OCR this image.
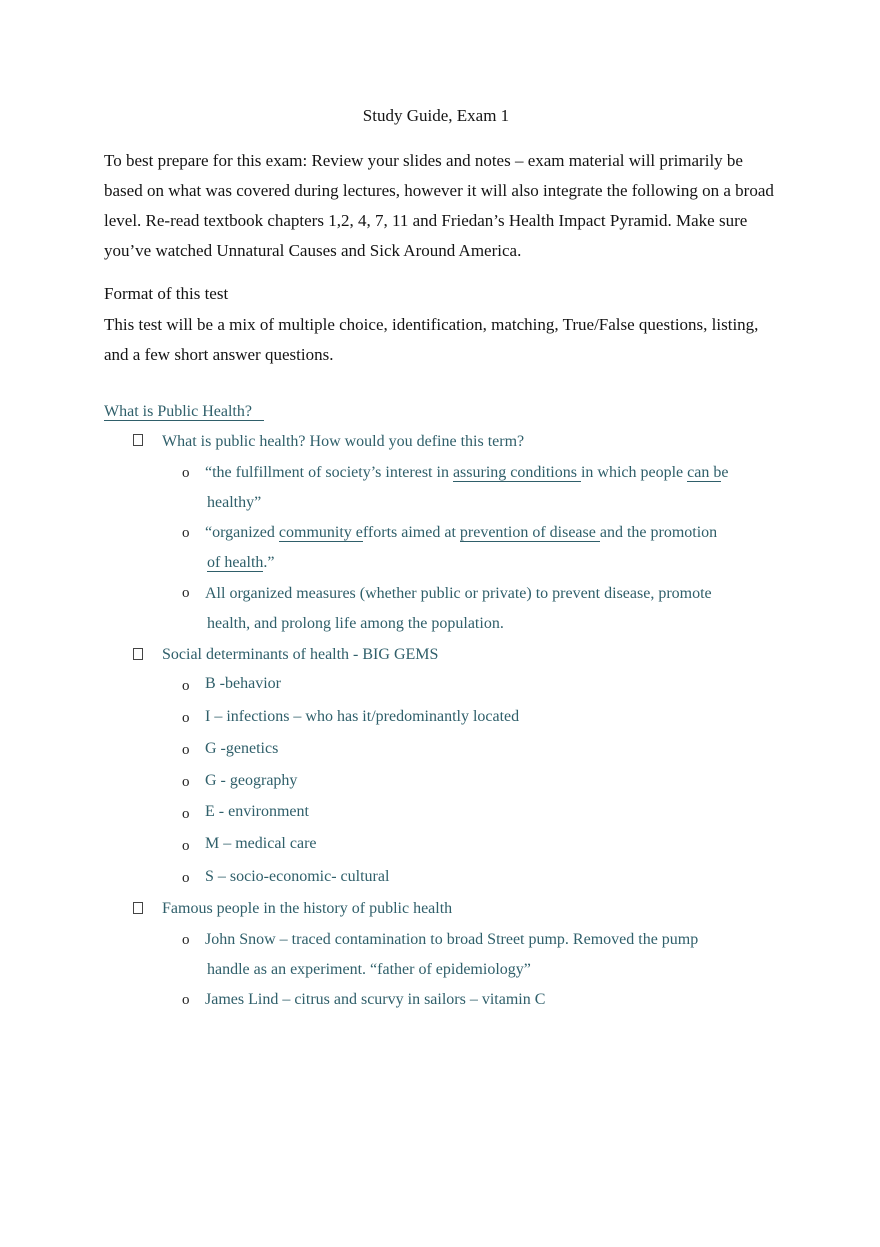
Study Guide, Exam 1
To best prepare for this exam: Review your slides and notes – exam material will primarily be based on what was covered during lectures, however it will also integrate the following on a broad level. Re-read textbook chapters 1,2, 4, 7, 11 and Friedan’s Health Impact Pyramid. Make sure you’ve watched Unnatural Causes and Sick Around America.
Format of this test
This test will be a mix of multiple choice, identification, matching, True/False questions, listing, and a few short answer questions.
What is Public Health?
What is public health? How would you define this term?
o “the fulfillment of society’s interest in assuring conditions in which people can be
healthy”
o “organized community efforts aimed at prevention of disease and the promotion
of health.”
o All organized measures (whether public or private) to prevent disease, promote
health, and prolong life among the population.
Social determinants of health - BIG GEMS
o B -behavior
o I – infections – who has it/predominantly located
o G -genetics
o G - geography
o E - environment
o M – medical care
o S – socio-economic- cultural
Famous people in the history of public health
o John Snow – traced contamination to broad Street pump. Removed the pump
handle as an experiment. “father of epidemiology”
o James Lind – citrus and scurvy in sailors – vitamin C
